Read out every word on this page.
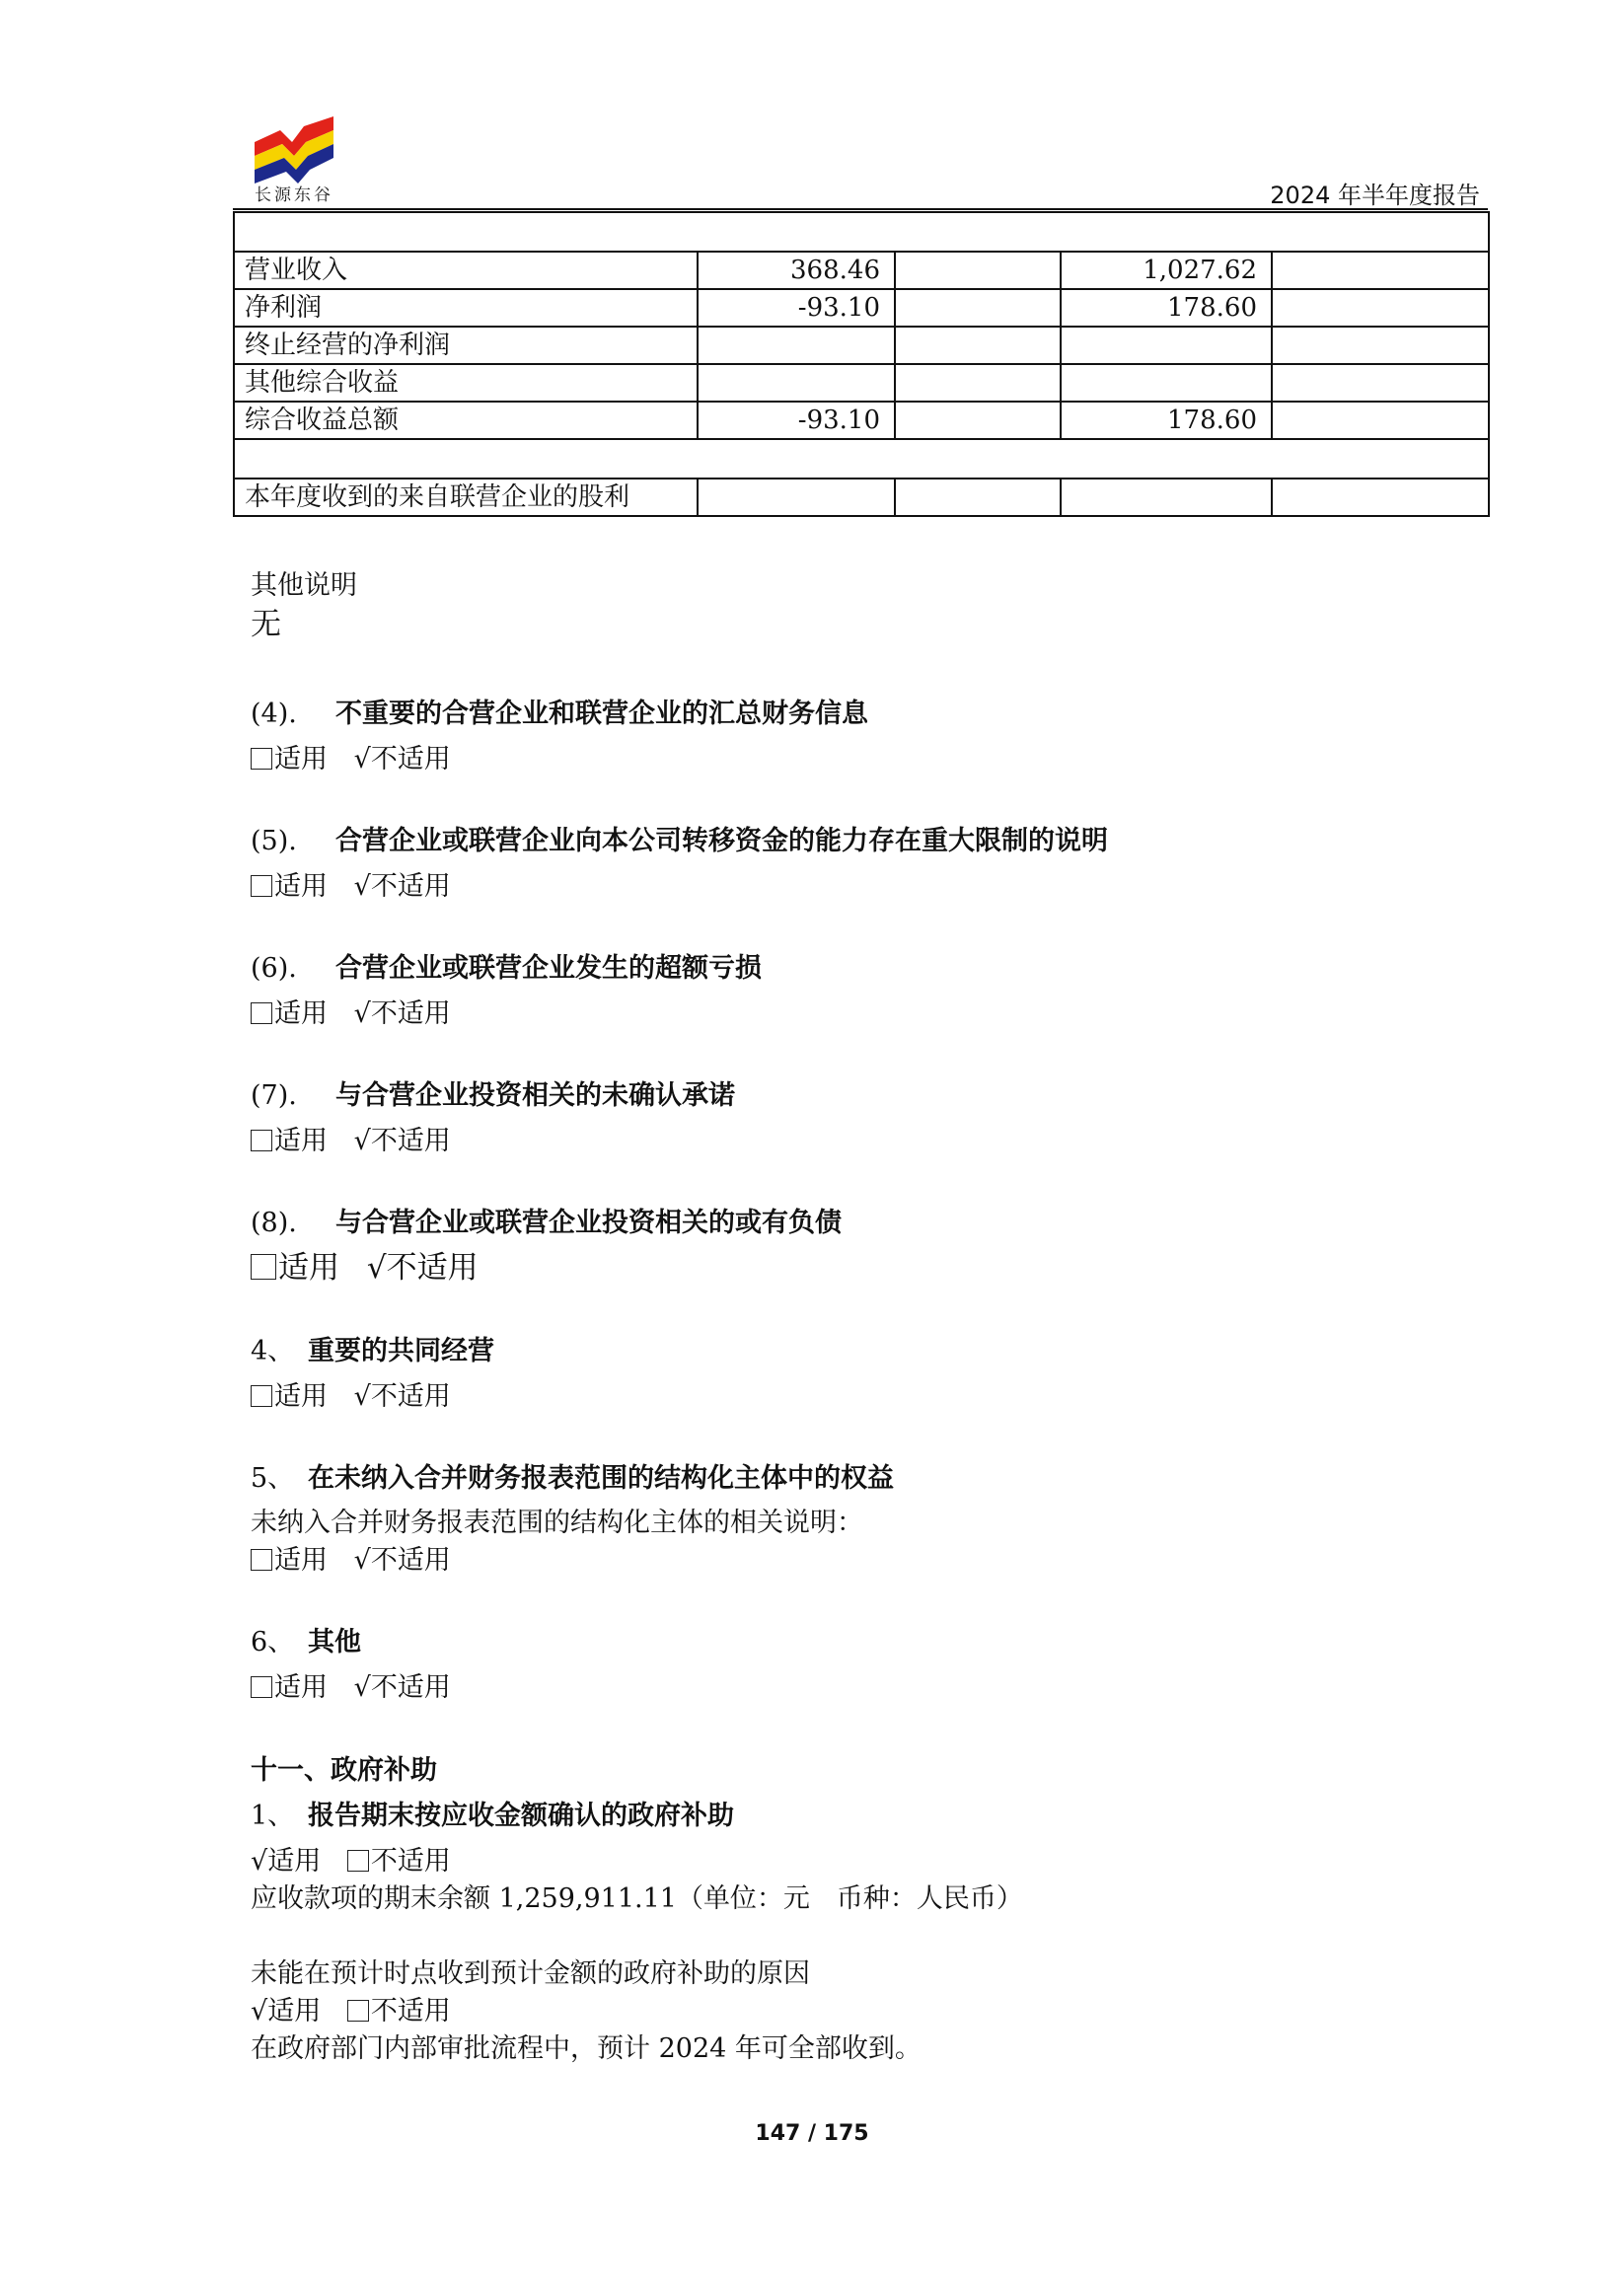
长源东谷	2024 年半年度报告

营业收入	368.46		1,027.62	
净利润	-93.10		178.60	
终止经营的净利润				
其他综合收益				
综合收益总额	-93.10		178.60	

本年度收到的来自联营企业的股利				
其他说明
无
(4). 不重要的合营企业和联营企业的汇总财务信息
适用 √不适用
(5). 合营企业或联营企业向本公司转移资金的能力存在重大限制的说明
适用 √不适用
(6). 合营企业或联营企业发生的超额亏损
适用 √不适用
(7). 与合营企业投资相关的未确认承诺
适用 √不适用
(8). 与合营企业或联营企业投资相关的或有负债
适用 √不适用
4、 重要的共同经营
适用 √不适用
5、 在未纳入合并财务报表范围的结构化主体中的权益
未纳入合并财务报表范围的结构化主体的相关说明：
适用 √不适用
6、 其他
适用 √不适用
十一、政府补助
1、 报告期末按应收金额确认的政府补助
√适用 不适用
应收款项的期末余额 1,259,911.11（单位：元　币种：人民币）
未能在预计时点收到预计金额的政府补助的原因
√适用 不适用
在政府部门内部审批流程中，预计 2024 年可全部收到。
147 / 175
